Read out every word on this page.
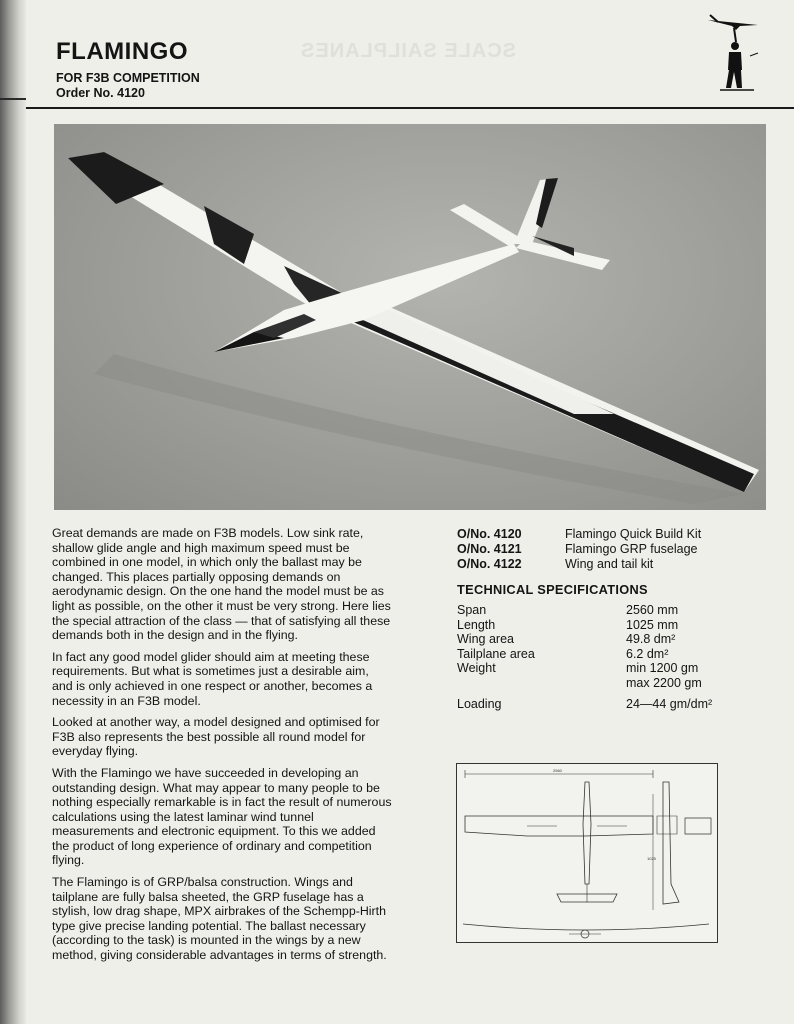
SCALE SAILPLANES
FLAMINGO
FOR F3B COMPETITION
Order No. 4120

Great demands are made on F3B models. Low sink rate, shallow glide angle and high maximum speed must be combined in one model, in which only the ballast may be changed. This places partially opposing demands on aerodynamic design. On the one hand the model must be as light as possible, on the other it must be very strong. Here lies the special attraction of the class — that of satisfying all these demands both in the design and in the flying.

In fact any good model glider should aim at meeting these requirements. But what is sometimes just a desirable aim, and is only achieved in one respect or another, becomes a necessity in an F3B model.

Looked at another way, a model designed and optimised for F3B also represents the best possible all round model for everyday flying.

With the Flamingo we have succeeded in developing an outstanding design. What may appear to many people to be nothing especially remarkable is in fact the result of numerous calculations using the latest laminar wind tunnel measurements and electronic equipment. To this we added the product of long experience of ordinary and competition flying.

The Flamingo is of GRP/balsa construction. Wings and tailplane are fully balsa sheeted, the GRP fuselage has a stylish, low drag shape, MPX airbrakes of the Schempp-Hirth type give precise landing potential. The ballast necessary (according to the task) is mounted in the wings by a new method, giving considerable advantages in terms of strength.

O/No. 4120	Flamingo Quick Build Kit
O/No. 4121	Flamingo GRP fuselage
O/No. 4122	Wing and tail kit
TECHNICAL SPECIFICATIONS
Span	2560 mm
Length	1025 mm
Wing area	49.8 dm²
Tailplane area	6.2 dm²
Weight	min 1200 gm
max 2200 gm
Loading	24—44 gm/dm²
2560
1025
